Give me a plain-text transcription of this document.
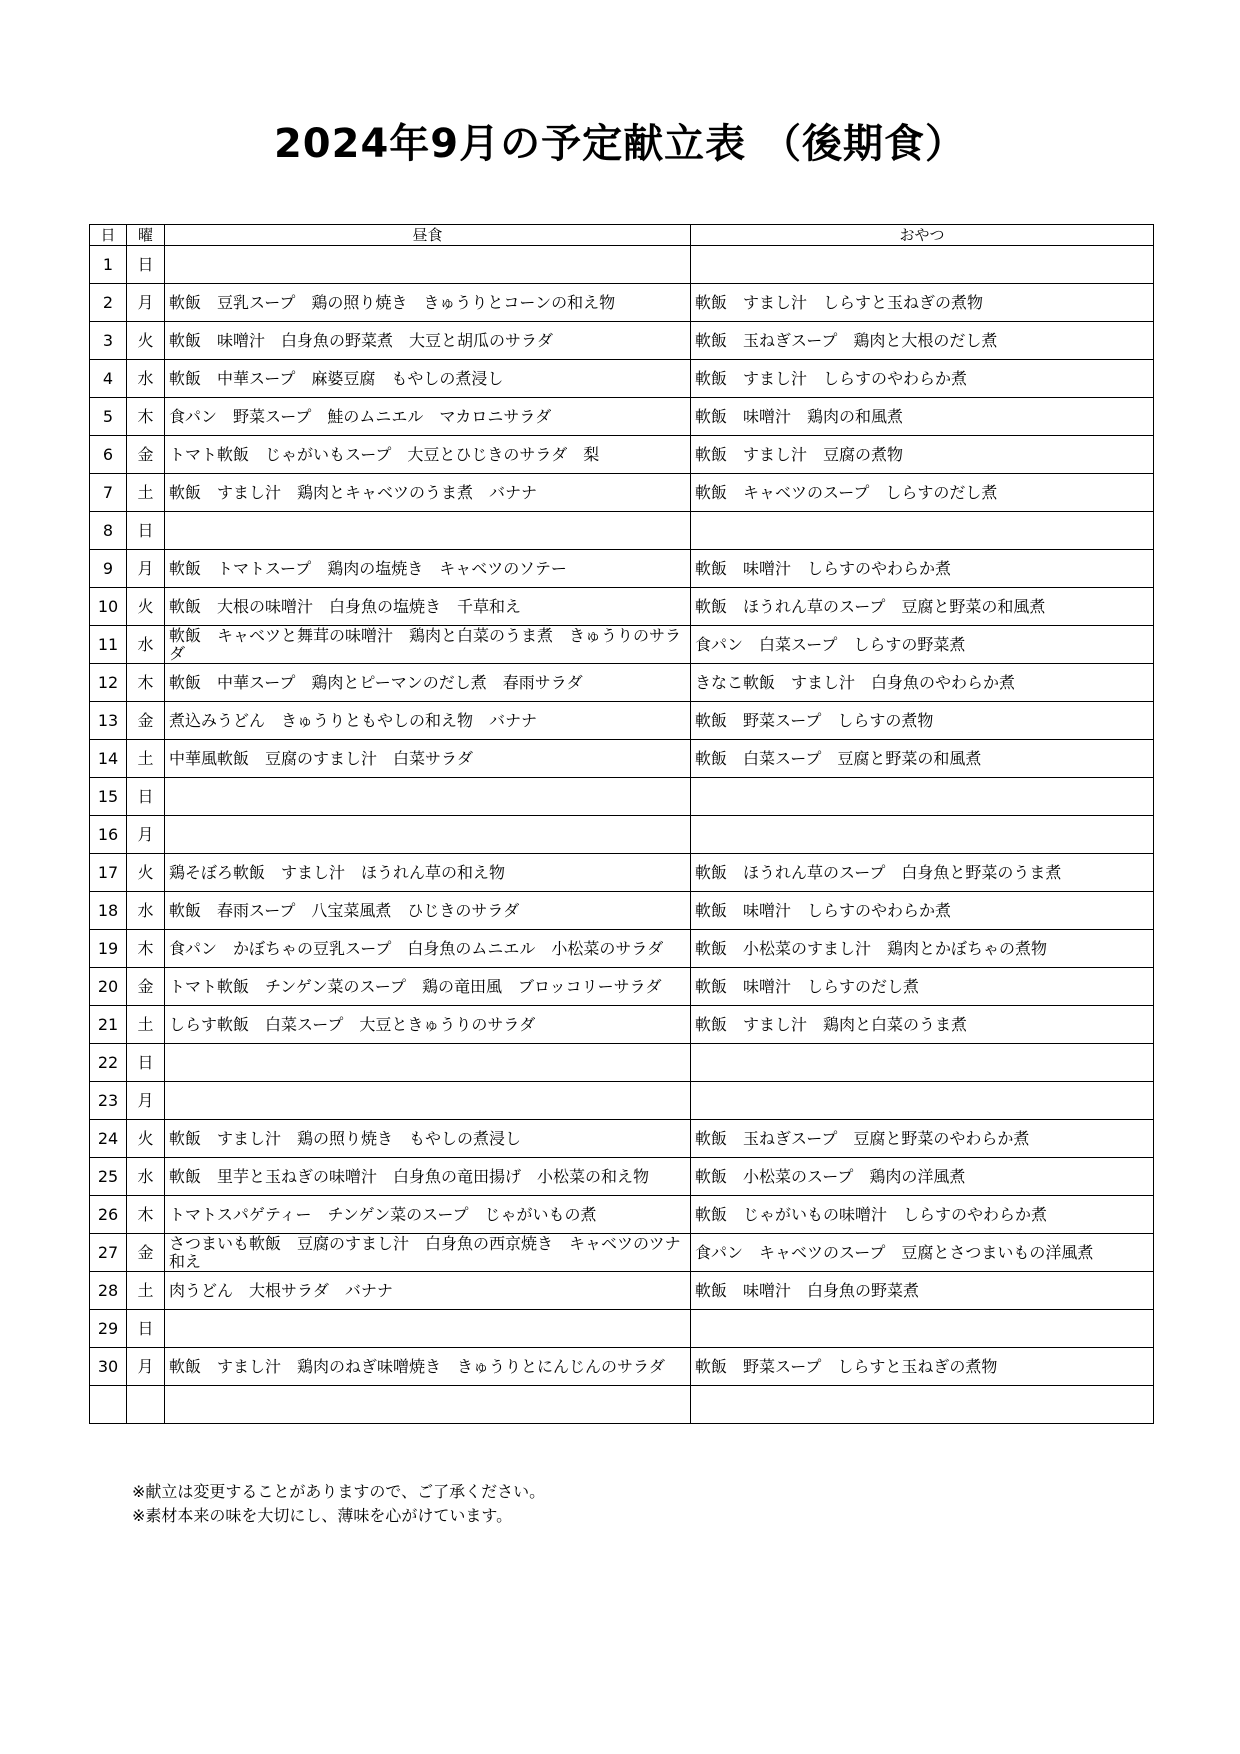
2024年9月の予定献立表 （後期食）
日	曜	昼食	おやつ
1	日		
2	月	軟飯　豆乳スープ　鶏の照り焼き　きゅうりとコーンの和え物	軟飯　すまし汁　しらすと玉ねぎの煮物
3	火	軟飯　味噌汁　白身魚の野菜煮　大豆と胡瓜のサラダ	軟飯　玉ねぎスープ　鶏肉と大根のだし煮
4	水	軟飯　中華スープ　麻婆豆腐　もやしの煮浸し	軟飯　すまし汁　しらすのやわらか煮
5	木	食パン　野菜スープ　鮭のムニエル　マカロニサラダ	軟飯　味噌汁　鶏肉の和風煮
6	金	トマト軟飯　じゃがいもスープ　大豆とひじきのサラダ　梨	軟飯　すまし汁　豆腐の煮物
7	土	軟飯　すまし汁　鶏肉とキャベツのうま煮　バナナ	軟飯　キャベツのスープ　しらすのだし煮
8	日		
9	月	軟飯　トマトスープ　鶏肉の塩焼き　キャベツのソテー	軟飯　味噌汁　しらすのやわらか煮
10	火	軟飯　大根の味噌汁　白身魚の塩焼き　千草和え	軟飯　ほうれん草のスープ　豆腐と野菜の和風煮
11	水	軟飯　キャベツと舞茸の味噌汁　鶏肉と白菜のうま煮　きゅうりのサラダ	食パン　白菜スープ　しらすの野菜煮
12	木	軟飯　中華スープ　鶏肉とピーマンのだし煮　春雨サラダ	きなこ軟飯　すまし汁　白身魚のやわらか煮
13	金	煮込みうどん　きゅうりともやしの和え物　バナナ	軟飯　野菜スープ　しらすの煮物
14	土	中華風軟飯　豆腐のすまし汁　白菜サラダ	軟飯　白菜スープ　豆腐と野菜の和風煮
15	日		
16	月		
17	火	鶏そぼろ軟飯　すまし汁　ほうれん草の和え物	軟飯　ほうれん草のスープ　白身魚と野菜のうま煮
18	水	軟飯　春雨スープ　八宝菜風煮　ひじきのサラダ	軟飯　味噌汁　しらすのやわらか煮
19	木	食パン　かぼちゃの豆乳スープ　白身魚のムニエル　小松菜のサラダ	軟飯　小松菜のすまし汁　鶏肉とかぼちゃの煮物
20	金	トマト軟飯　チンゲン菜のスープ　鶏の竜田風　ブロッコリーサラダ	軟飯　味噌汁　しらすのだし煮
21	土	しらす軟飯　白菜スープ　大豆ときゅうりのサラダ	軟飯　すまし汁　鶏肉と白菜のうま煮
22	日		
23	月		
24	火	軟飯　すまし汁　鶏の照り焼き　もやしの煮浸し	軟飯　玉ねぎスープ　豆腐と野菜のやわらか煮
25	水	軟飯　里芋と玉ねぎの味噌汁　白身魚の竜田揚げ　小松菜の和え物	軟飯　小松菜のスープ　鶏肉の洋風煮
26	木	トマトスパゲティー　チンゲン菜のスープ　じゃがいもの煮	軟飯　じゃがいもの味噌汁　しらすのやわらか煮
27	金	さつまいも軟飯　豆腐のすまし汁　白身魚の西京焼き　キャベツのツナ和え	食パン　キャベツのスープ　豆腐とさつまいもの洋風煮
28	土	肉うどん　大根サラダ　バナナ	軟飯　味噌汁　白身魚の野菜煮
29	日		
30	月	軟飯　すまし汁　鶏肉のねぎ味噌焼き　きゅうりとにんじんのサラダ	軟飯　野菜スープ　しらすと玉ねぎの煮物

※献立は変更することがありますので、ご了承ください。
※素材本来の味を大切にし、薄味を心がけています。
